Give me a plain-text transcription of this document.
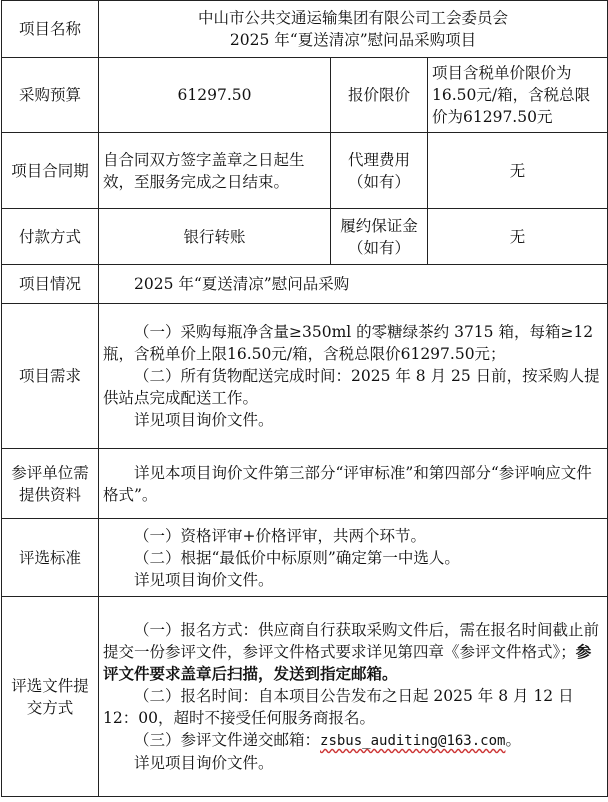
项目名称	中山市公共交通运输集团有限公司工会委员会
2025 年“夏送清凉”慰问品采购项目		

采购预算	61297.50	报价限价	项目含税单价限价为16.50元/箱，含税总限价为61297.50元
项目合同期	自合同双方签字盖章之日起生效，至服务完成之日结束。	代理费用（如有）	无
付款方式	银行转账	履约保证金（如有）	无
项目情况	2025 年“夏送清凉”慰问品采购		
项目需求	（一）采购每瓶净含量≥350ml 的零糖绿茶约 3715 箱，每箱≥12 瓶，含税单价上限16.50元/箱，含税总限价61297.50元；
（二）所有货物配送完成时间：2025 年 8 月 25 日前，按采购人提供站点完成配送工作。
详见项目询价文件。		

参评单位需提供资料	详见本项目询价文件第三部分“评审标准”和第四部分“参评响应文件格式”。		
评选标准	（一）资格评审+价格评审，共两个环节。
（二）根据“最低价中标原则”确定第一中选人。
详见项目询价文件。		

评选文件提交方式	（一）报名方式：供应商自行获取采购文件后，需在报名时间截止前提交一份参评文件，参评文件格式要求详见第四章《参评文件格式》；参评文件要求盖章后扫描，发送到指定邮箱。
（二）报名时间：自本项目公告发布之日起 2025 年 8 月 12 日 12：00，超时不接受任何服务商报名。
（三）参评文件递交邮箱：zsbus_auditing@163.com。
详见项目询价文件。		
